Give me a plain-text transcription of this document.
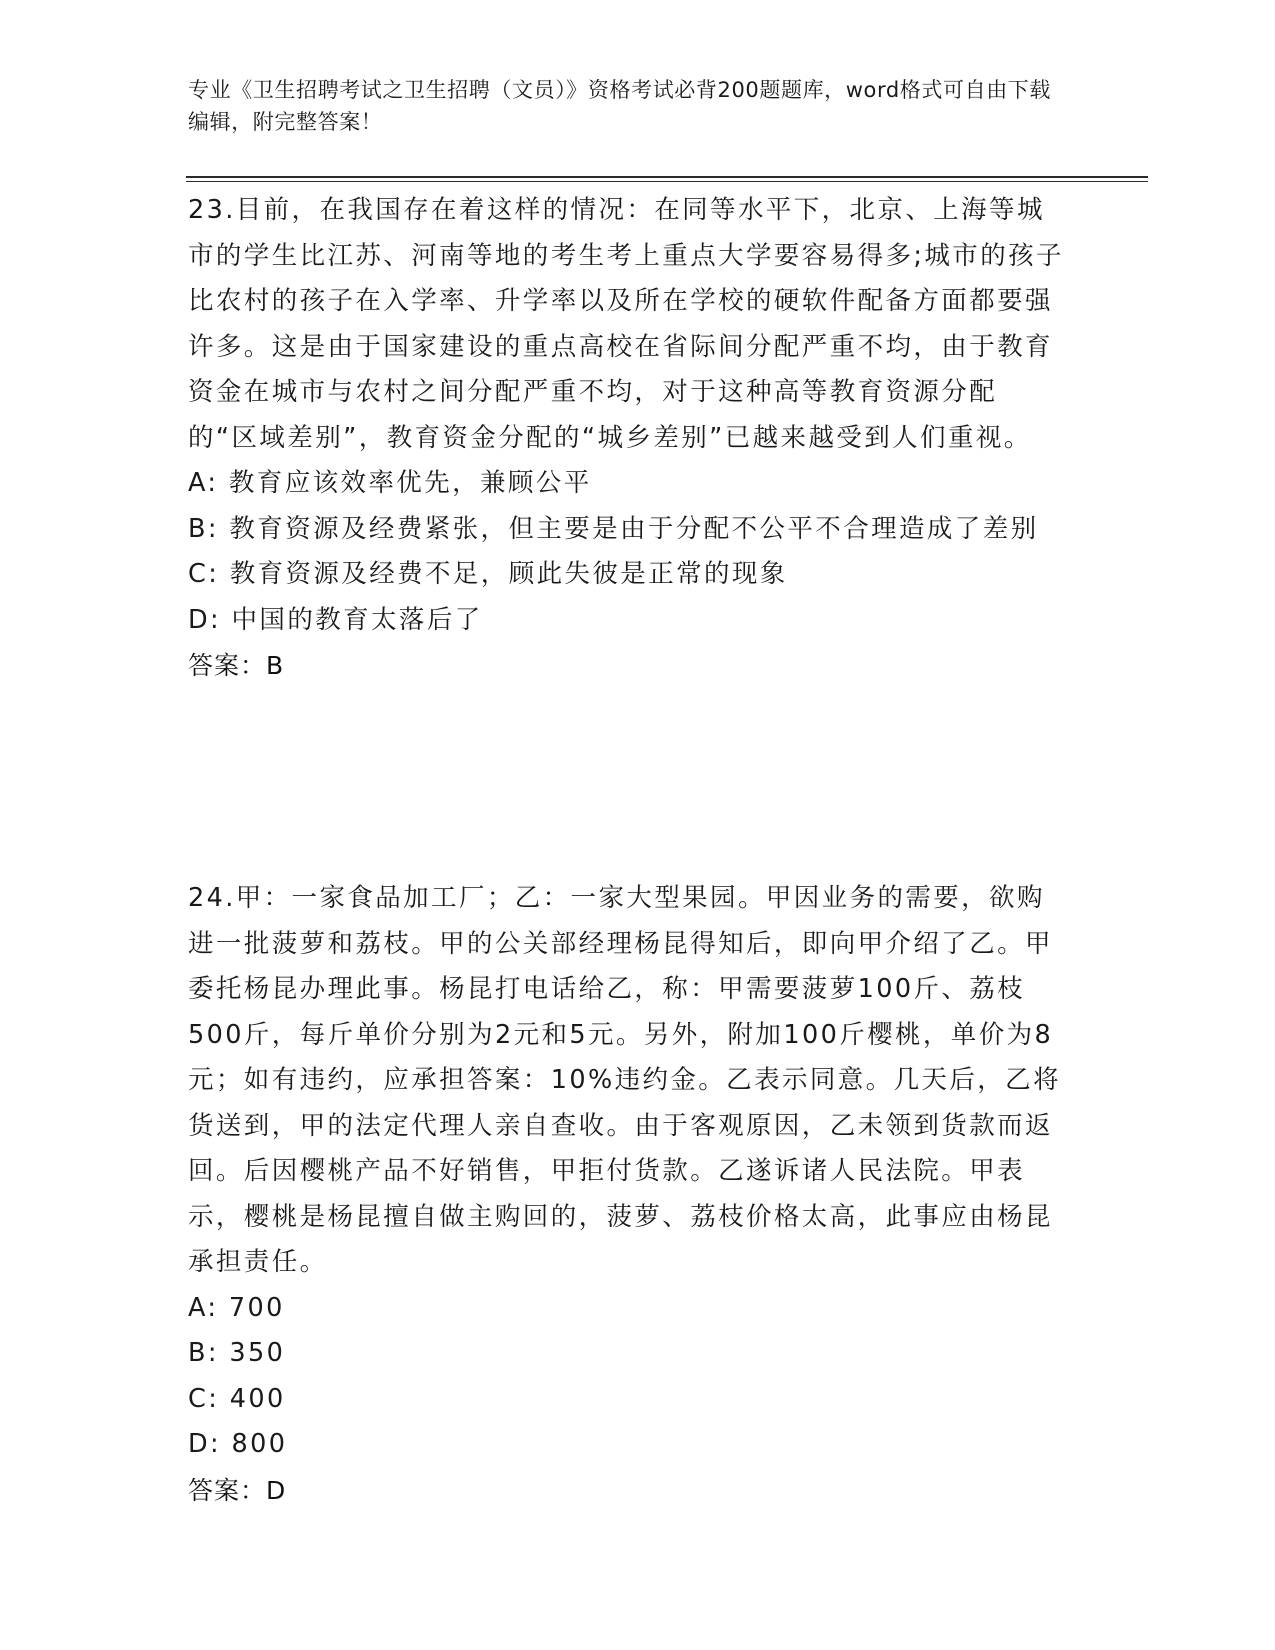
专业《卫生招聘考试之卫生招聘（文员）》资格考试必背200题题库，word格式可自由下载编辑，附完整答案！

23.目前，在我国存在着这样的情况：在同等水平下，北京、上海等城市的学生比江苏、河南等地的考生考上重点大学要容易得多;城市的孩子比农村的孩子在入学率、升学率以及所在学校的硬软件配备方面都要强许多。这是由于国家建设的重点高校在省际间分配严重不均，由于教育资金在城市与农村之间分配严重不均，对于这种高等教育资源分配的“区域差别”，教育资金分配的“城乡差别”已越来越受到人们重视。

A: 教育应该效率优先，兼顾公平
B: 教育资源及经费紧张，但主要是由于分配不公平不合理造成了差别
C: 教育资源及经费不足，顾此失彼是正常的现象
D: 中国的教育太落后了

答案：B

24.甲：一家食品加工厂；乙：一家大型果园。甲因业务的需要，欲购进一批菠萝和荔枝。甲的公关部经理杨昆得知后，即向甲介绍了乙。甲委托杨昆办理此事。杨昆打电话给乙，称：甲需要菠萝100斤、荔枝500斤，每斤单价分别为2元和5元。另外，附加100斤樱桃，单价为8元；如有违约，应承担答案：10%违约金。乙表示同意。几天后，乙将货送到，甲的法定代理人亲自查收。由于客观原因，乙未领到货款而返回。后因樱桃产品不好销售，甲拒付货款。乙遂诉诸人民法院。甲表示，樱桃是杨昆擅自做主购回的，菠萝、荔枝价格太高，此事应由杨昆承担责任。

A: 700
B: 350
C: 400
D: 800

答案：D
